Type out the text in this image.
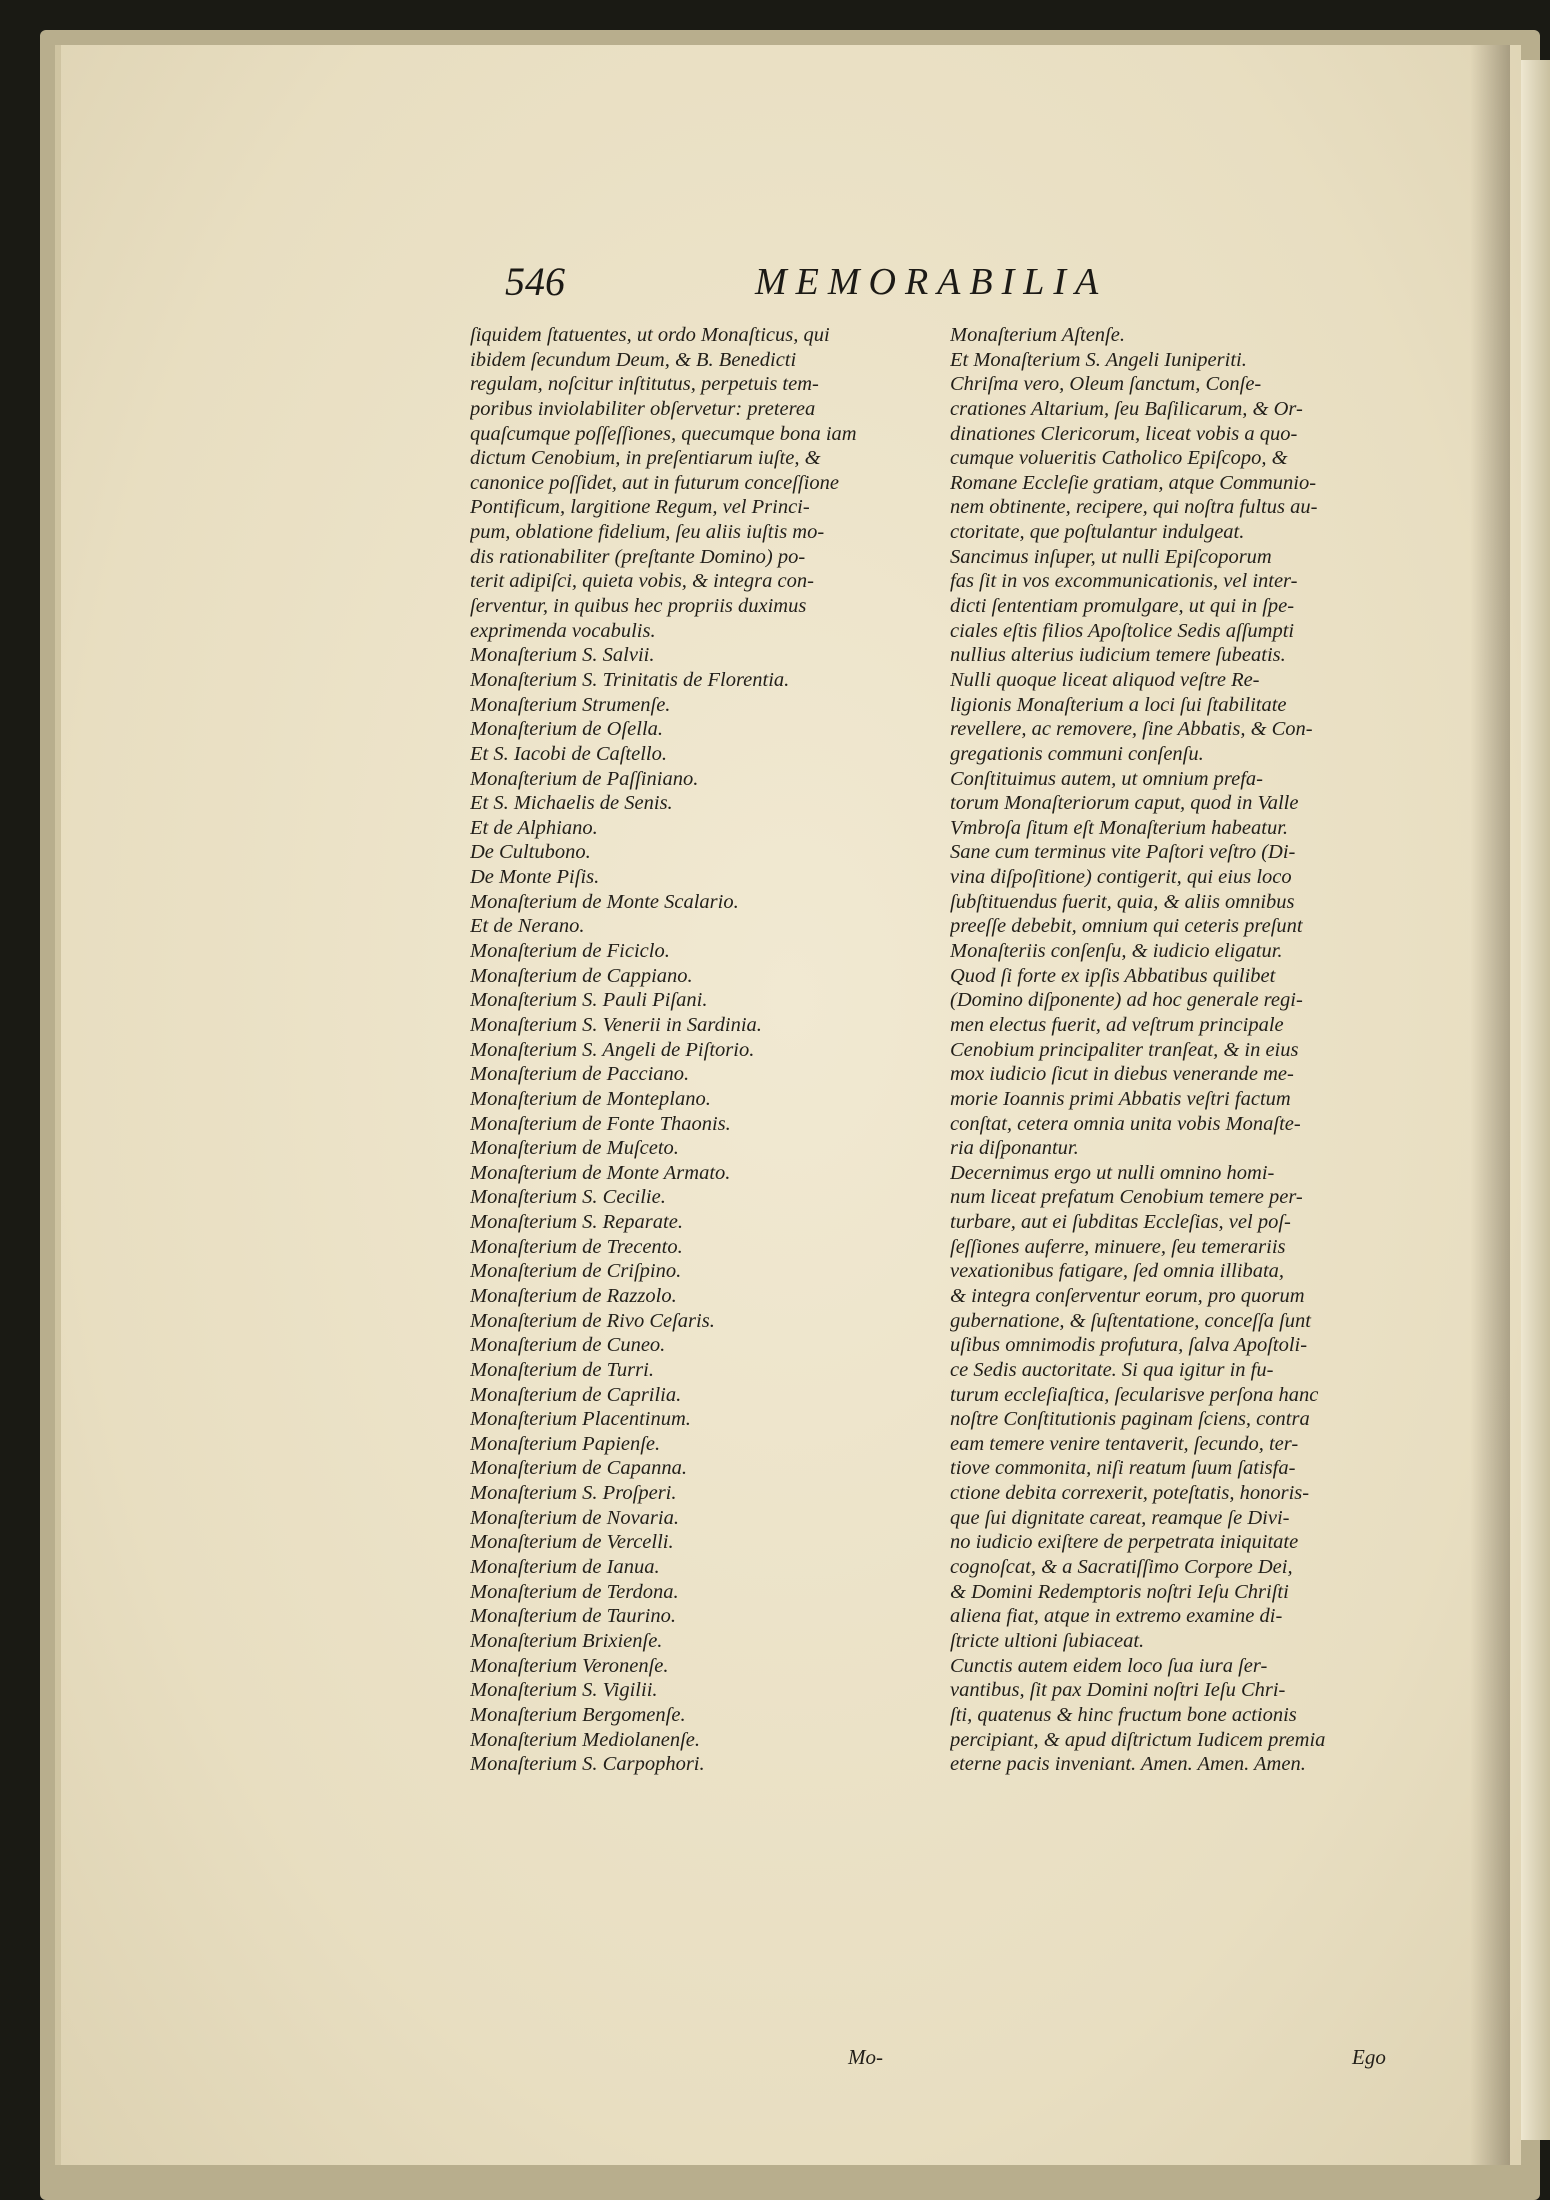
546	MEMORABILIA
ſiquidem ſtatuentes, ut ordo Monaſticus, qui
ibidem ſecundum Deum, & B. Benedicti
regulam, noſcitur inſtitutus, perpetuis tem-
poribus inviolabiliter obſervetur: preterea
quaſcumque poſſeſſiones, quecumque bona iam
dictum Cenobium, in preſentiarum iuſte, &
canonice poſſidet, aut in futurum conceſſione
Pontificum, largitione Regum, vel Princi-
pum, oblatione fidelium, ſeu aliis iuſtis mo-
dis rationabiliter (preſtante Domino) po-
terit adipiſci, quieta vobis, & integra con-
ſerventur, in quibus hec propriis duximus
exprimenda vocabulis.
Monaſterium S. Salvii.
Monaſterium S. Trinitatis de Florentia.
Monaſterium Strumenſe.
Monaſterium de Oſella.
Et S. Iacobi de Caſtello.
Monaſterium de Paſſiniano.
Et S. Michaelis de Senis.
Et de Alphiano.
De Cultubono.
De Monte Piſis.
Monaſterium de Monte Scalario.
Et de Nerano.
Monaſterium de Ficiclo.
Monaſterium de Cappiano.
Monaſterium S. Pauli Piſani.
Monaſterium S. Venerii in Sardinia.
Monaſterium S. Angeli de Piſtorio.
Monaſterium de Pacciano.
Monaſterium de Monteplano.
Monaſterium de Fonte Thaonis.
Monaſterium de Muſceto.
Monaſterium de Monte Armato.
Monaſterium S. Cecilie.
Monaſterium S. Reparate.
Monaſterium de Trecento.
Monaſterium de Criſpino.
Monaſterium de Razzolo.
Monaſterium de Rivo Ceſaris.
Monaſterium de Cuneo.
Monaſterium de Turri.
Monaſterium de Caprilia.
Monaſterium Placentinum.
Monaſterium Papienſe.
Monaſterium de Capanna.
Monaſterium S. Proſperi.
Monaſterium de Novaria.
Monaſterium de Vercelli.
Monaſterium de Ianua.
Monaſterium de Terdona.
Monaſterium de Taurino.
Monaſterium Brixienſe.
Monaſterium Veronenſe.
Monaſterium S. Vigilii.
Monaſterium Bergomenſe.
Monaſterium Mediolanenſe.
Monaſterium S. Carpophori.
Monaſterium Aſtenſe.
Et Monaſterium S. Angeli Iuniperiti.
Chriſma vero, Oleum ſanctum, Conſe-
crationes Altarium, ſeu Baſilicarum, & Or-
dinationes Clericorum, liceat vobis a quo-
cumque volueritis Catholico Epiſcopo, &
Romane Eccleſie gratiam, atque Communio-
nem obtinente, recipere, qui noſtra fultus au-
ctoritate, que poſtulantur indulgeat.
Sancimus inſuper, ut nulli Epiſcoporum
fas ſit in vos excommunicationis, vel inter-
dicti ſententiam promulgare, ut qui in ſpe-
ciales eſtis filios Apoſtolice Sedis aſſumpti
nullius alterius iudicium temere ſubeatis.
Nulli quoque liceat aliquod veſtre Re-
ligionis Monaſterium a loci ſui ſtabilitate
revellere, ac removere, ſine Abbatis, & Con-
gregationis communi conſenſu.
Conſtituimus autem, ut omnium prefa-
torum Monaſteriorum caput, quod in Valle
Vmbroſa ſitum eſt Monaſterium habeatur.
Sane cum terminus vite Paſtori veſtro (Di-
vina diſpoſitione) contigerit, qui eius loco
ſubſtituendus fuerit, quia, & aliis omnibus
preeſſe debebit, omnium qui ceteris preſunt
Monaſteriis conſenſu, & iudicio eligatur.
Quod ſi forte ex ipſis Abbatibus quilibet
(Domino diſponente) ad hoc generale regi-
men electus fuerit, ad veſtrum principale
Cenobium principaliter tranſeat, & in eius
mox iudicio ſicut in diebus venerande me-
morie Ioannis primi Abbatis veſtri factum
conſtat, cetera omnia unita vobis Monaſte-
ria diſponantur.
Decernimus ergo ut nulli omnino homi-
num liceat prefatum Cenobium temere per-
turbare, aut ei ſubditas Eccleſias, vel poſ-
ſeſſiones auferre, minuere, ſeu temerariis
vexationibus fatigare, ſed omnia illibata,
& integra conſerventur eorum, pro quorum
gubernatione, & ſuſtentatione, conceſſa ſunt
uſibus omnimodis profutura, ſalva Apoſtoli-
ce Sedis auctoritate. Si qua igitur in fu-
turum eccleſiaſtica, ſecularisve perſona hanc
noſtre Conſtitutionis paginam ſciens, contra
eam temere venire tentaverit, ſecundo, ter-
tiove commonita, niſi reatum ſuum ſatisfa-
ctione debita correxerit, poteſtatis, honoris-
que ſui dignitate careat, reamque ſe Divi-
no iudicio exiſtere de perpetrata iniquitate
cognoſcat, & a Sacratiſſimo Corpore Dei,
& Domini Redemptoris noſtri Ieſu Chriſti
aliena fiat, atque in extremo examine di-
ſtricte ultioni ſubiaceat.
Cunctis autem eidem loco ſua iura ſer-
vantibus, ſit pax Domini noſtri Ieſu Chri-
ſti, quatenus & hinc fructum bone actionis
percipiant, & apud diſtrictum Iudicem premia
eterne pacis inveniant. Amen. Amen. Amen.
Mo-	Ego
